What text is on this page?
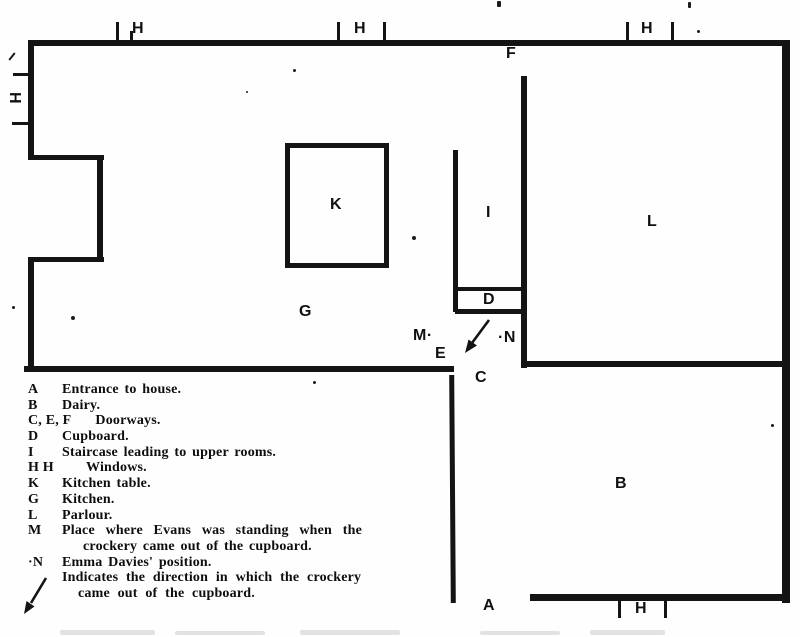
H	H	H
H
H
F
K	I
L
G
D
M·	·N
E
C
A
B
A Entrance to house.
B Dairy.
C, E, F Doorways.
D Cupboard.
I Staircase leading to upper rooms.
H H Windows.
K Kitchen table.
G Kitchen.
L Parlour.
M Place where Evans was standing when the
crockery came out of the cupboard.
·N Emma Davies' position.
Indicates the direction in which the crockery
came out of the cupboard.
